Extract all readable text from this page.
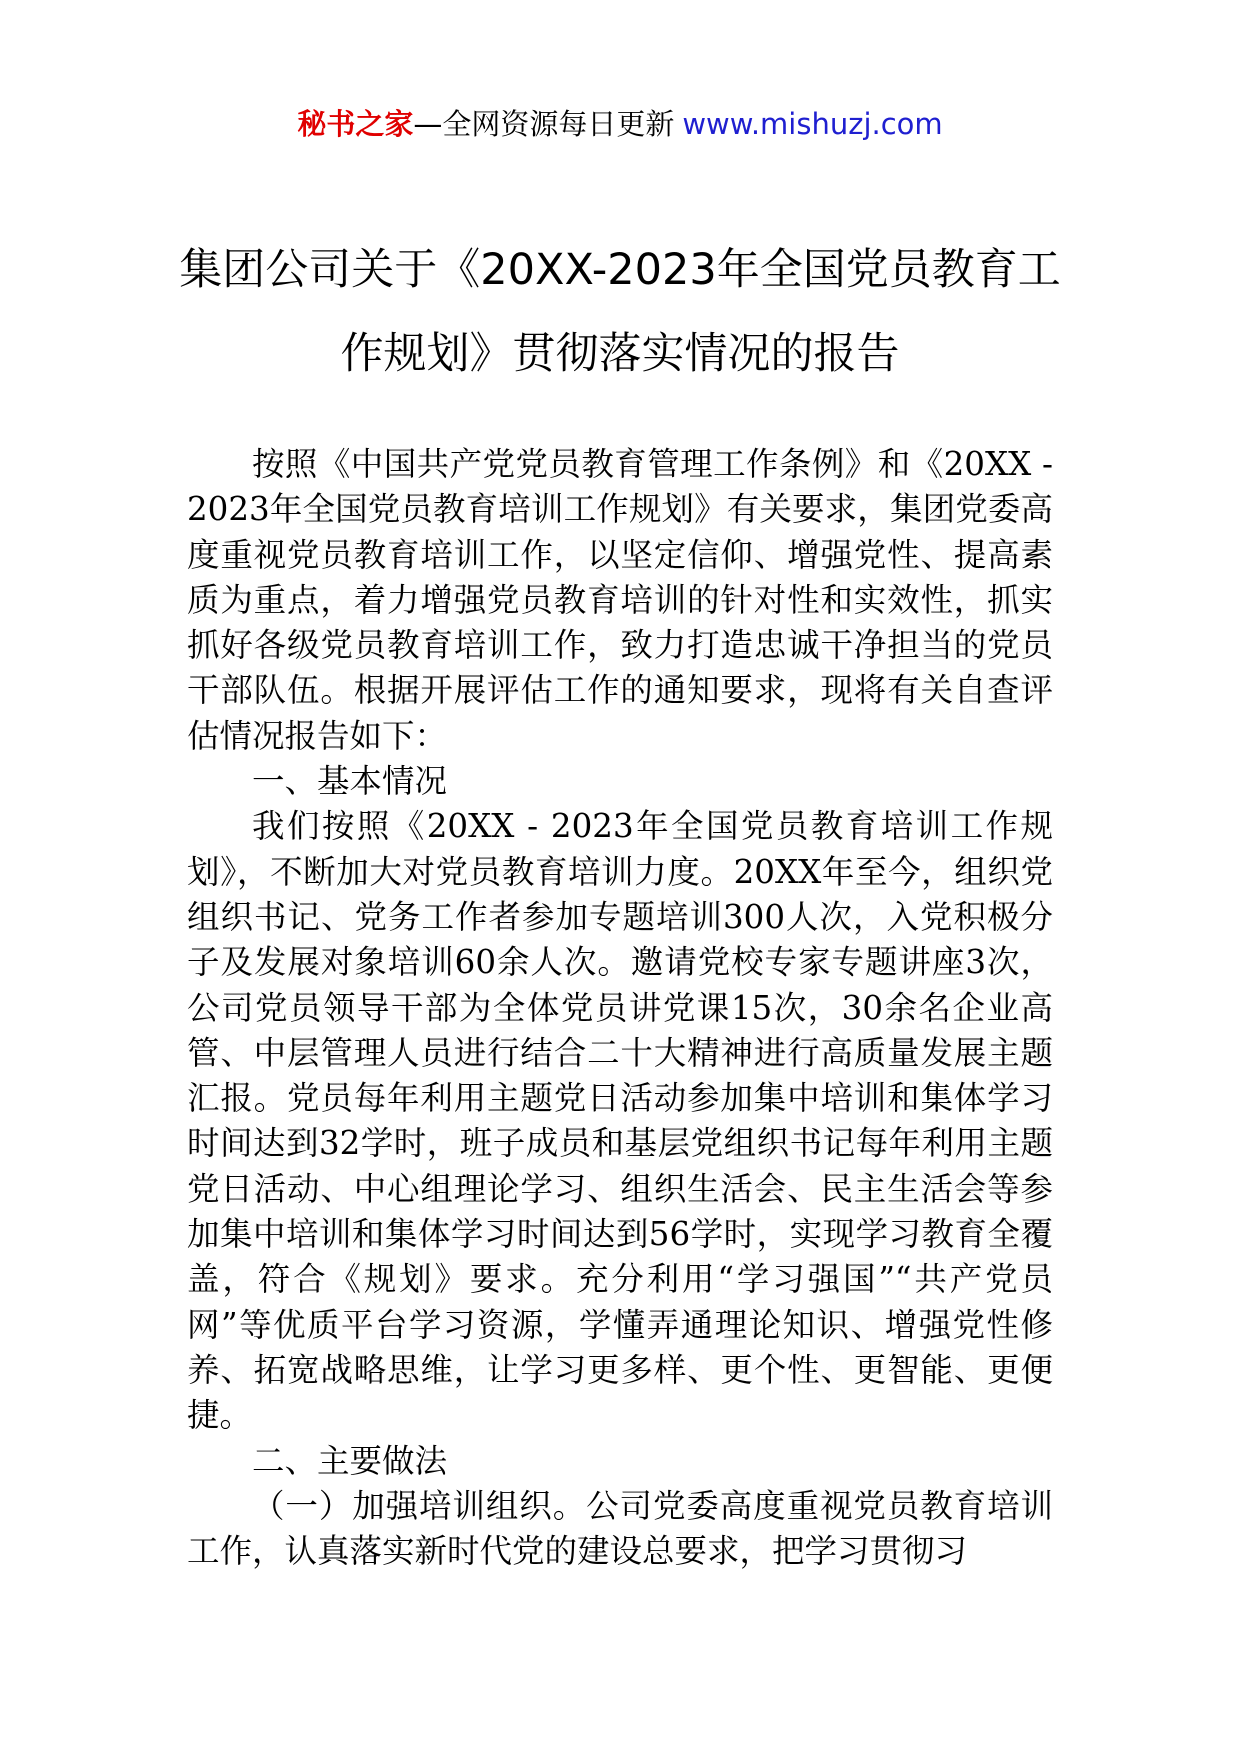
秘书之家—全网资源每日更新 www.mishuzj.com
集团公司关于《20XX-2023年全国党员教育工作规划》贯彻落实情况的报告

按照《中国共产党党员教育管理工作条例》和《20XX - 2023年全国党员教育培训工作规划》有关要求，集团党委高度重视党员教育培训工作，以坚定信仰、增强党性、提高素质为重点，着力增强党员教育培训的针对性和实效性，抓实抓好各级党员教育培训工作，致力打造忠诚干净担当的党员干部队伍。根据开展评估工作的通知要求，现将有关自查评估情况报告如下：

一、基本情况

我们按照《20XX - 2023年全国党员教育培训工作规划》，不断加大对党员教育培训力度。20XX年至今，组织党组织书记、党务工作者参加专题培训300人次，入党积极分子及发展对象培训60余人次。邀请党校专家专题讲座3次，公司党员领导干部为全体党员讲党课15次，30余名企业高管、中层管理人员进行结合二十大精神进行高质量发展主题汇报。党员每年利用主题党日活动参加集中培训和集体学习时间达到32学时，班子成员和基层党组织书记每年利用主题党日活动、中心组理论学习、组织生活会、民主生活会等参加集中培训和集体学习时间达到56学时，实现学习教育全覆盖，符合《规划》要求。充分利用“学习强国”“共产党员网”等优质平台学习资源，学懂弄通理论知识、增强党性修养、拓宽战略思维，让学习更多样、更个性、更智能、更便捷。

二、主要做法

（一）加强培训组织。公司党委高度重视党员教育培训工作，认真落实新时代党的建设总要求，把学习贯彻习
